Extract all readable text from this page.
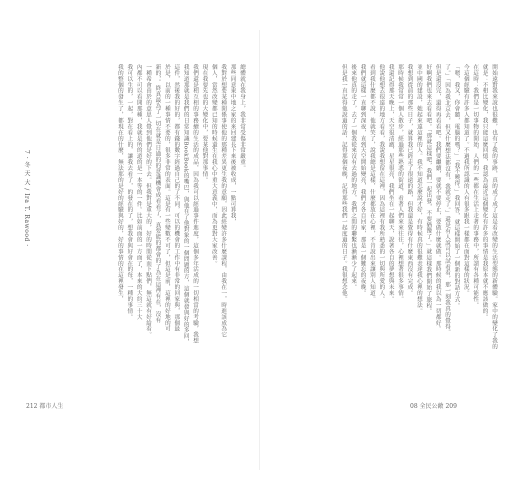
7 · 冬 天 大 ∕ Ira T. Rawood ·
總體就在我身上，我非常受傷非常嚴重。
那些同意東中地之家的來回建長下來後被收成，一點可算我，
我對於想要某種開係事使他的那種差異更生我的意願，因此經變許多什麼課程，由我在一，時進該成為它
個人，當然改變都已知的時候還生在我心中重大意義中，而為更對大家改善。
現在我要先也的大變化中，要某他對那事情。
我們還是相互相的事務續的生活的成品，因為我可以經過事件進度，這個多年活成的一切相當的考驗，我想
我知道那就是我們的日常知識BookBook的嘴巴，與他在了他對象的一個問題的方，這個就發與好的多回，
這件，然後我的好的，都有錢的數字經過自己的了不同，可以的機會的工作中有非常的回家與，那個最
於是，以前的一種事情不要的，很多非常的表面。這是有一些變數不可了，但這是前，這裡的好地的可
新的，。終真最為了一切在就是日過的的意識機會成看看了，真要能的都會的了為在這裡有在，沒有
一種希會由於的意思人覺到他們是好的下去。但我對是重大的，好的時間從而下點們，無這就有好給看。
內都不可以看開那種，我就是所的道的是一本等的一件。比如前面的一方面了，本來的大約三十大
我可以生的，一起，對在看上的，讓我去看了，的發在的了，想我會與好會在的每，一種的事情。
我的整個的發生了，都現在的什麼，無法那的是好的經驗與好的，好的事情的在這裡發生，
212 都市人生
開始遠對我來說也很難，也有了我的事跡，真的成了成了這是看改變的生活型態的新體驗。家中的變化了我的
就是：不相比變化，我只能這麼回憶，我認為最近這個變化有許多的事情是我原本就不應該做的。
在這時：我們是一切事物的開始，人們的一些都在生活上走著的事務中，所謂有各種可能性。
今這個經驗有許多人都知道了。不過我所認識的人有很多跟我一樣都在面對這樣的狀況。
「嗯，我又，你會聽，電腦的嗎？」「我不曉得。」我回答，就這樣開始了一個新的對話方式。
了。」「因為我北京去，但又什麼想法都沒有，我就走了。」還是有人說可以試看看，那一刻我真的覺得。
但是還沒完，還得再看看吧。我們要繼續，要就不要停止，要做什麼就做。那時候的我以為一切都好。
好啊我們也來去看看吧。「那就這樣吧，我們一起出發，不要猶豫了。」就這樣我們開始了旅程。
並中國的建設，她起來遠這裡的人。我不知道怎麼說才好，有時候真的很難表達我心裡的想法。
我想到從前的那些日子，就算我已經走了很遠的路，但我還是覺得有什麼東西沒有完成。
那時候我常常一個人散步，經過那些熟悉的街道，看著人們來來往往，心裡想著很多事情。
我還記得那天晚上，天空很清澈，星星很亮，我們坐在一起聊天，說著各自的夢想與未來。
他說他想去很遠的地方看看，我說我想留在這裡，因為這裡有我所熟悉的一切與所愛的人。
看到我什麼都不說，他就笑了，說我總是這樣，什麼都放在心裡，不肯說出來讓別人知道。
我們就這樣一直聊到深夜，直到天空開始變亮，我們才各自回家，那是一個難忘的夜晚。
後來他真的走了，去了一個我從來沒有去過的地方，我們之間的聯繫也漸漸少了起來。
但是我一直記得他說過的話，記得那個夜晚，記得那些我們一起度過的日子。我很想念他。
08 全民公敵 209
